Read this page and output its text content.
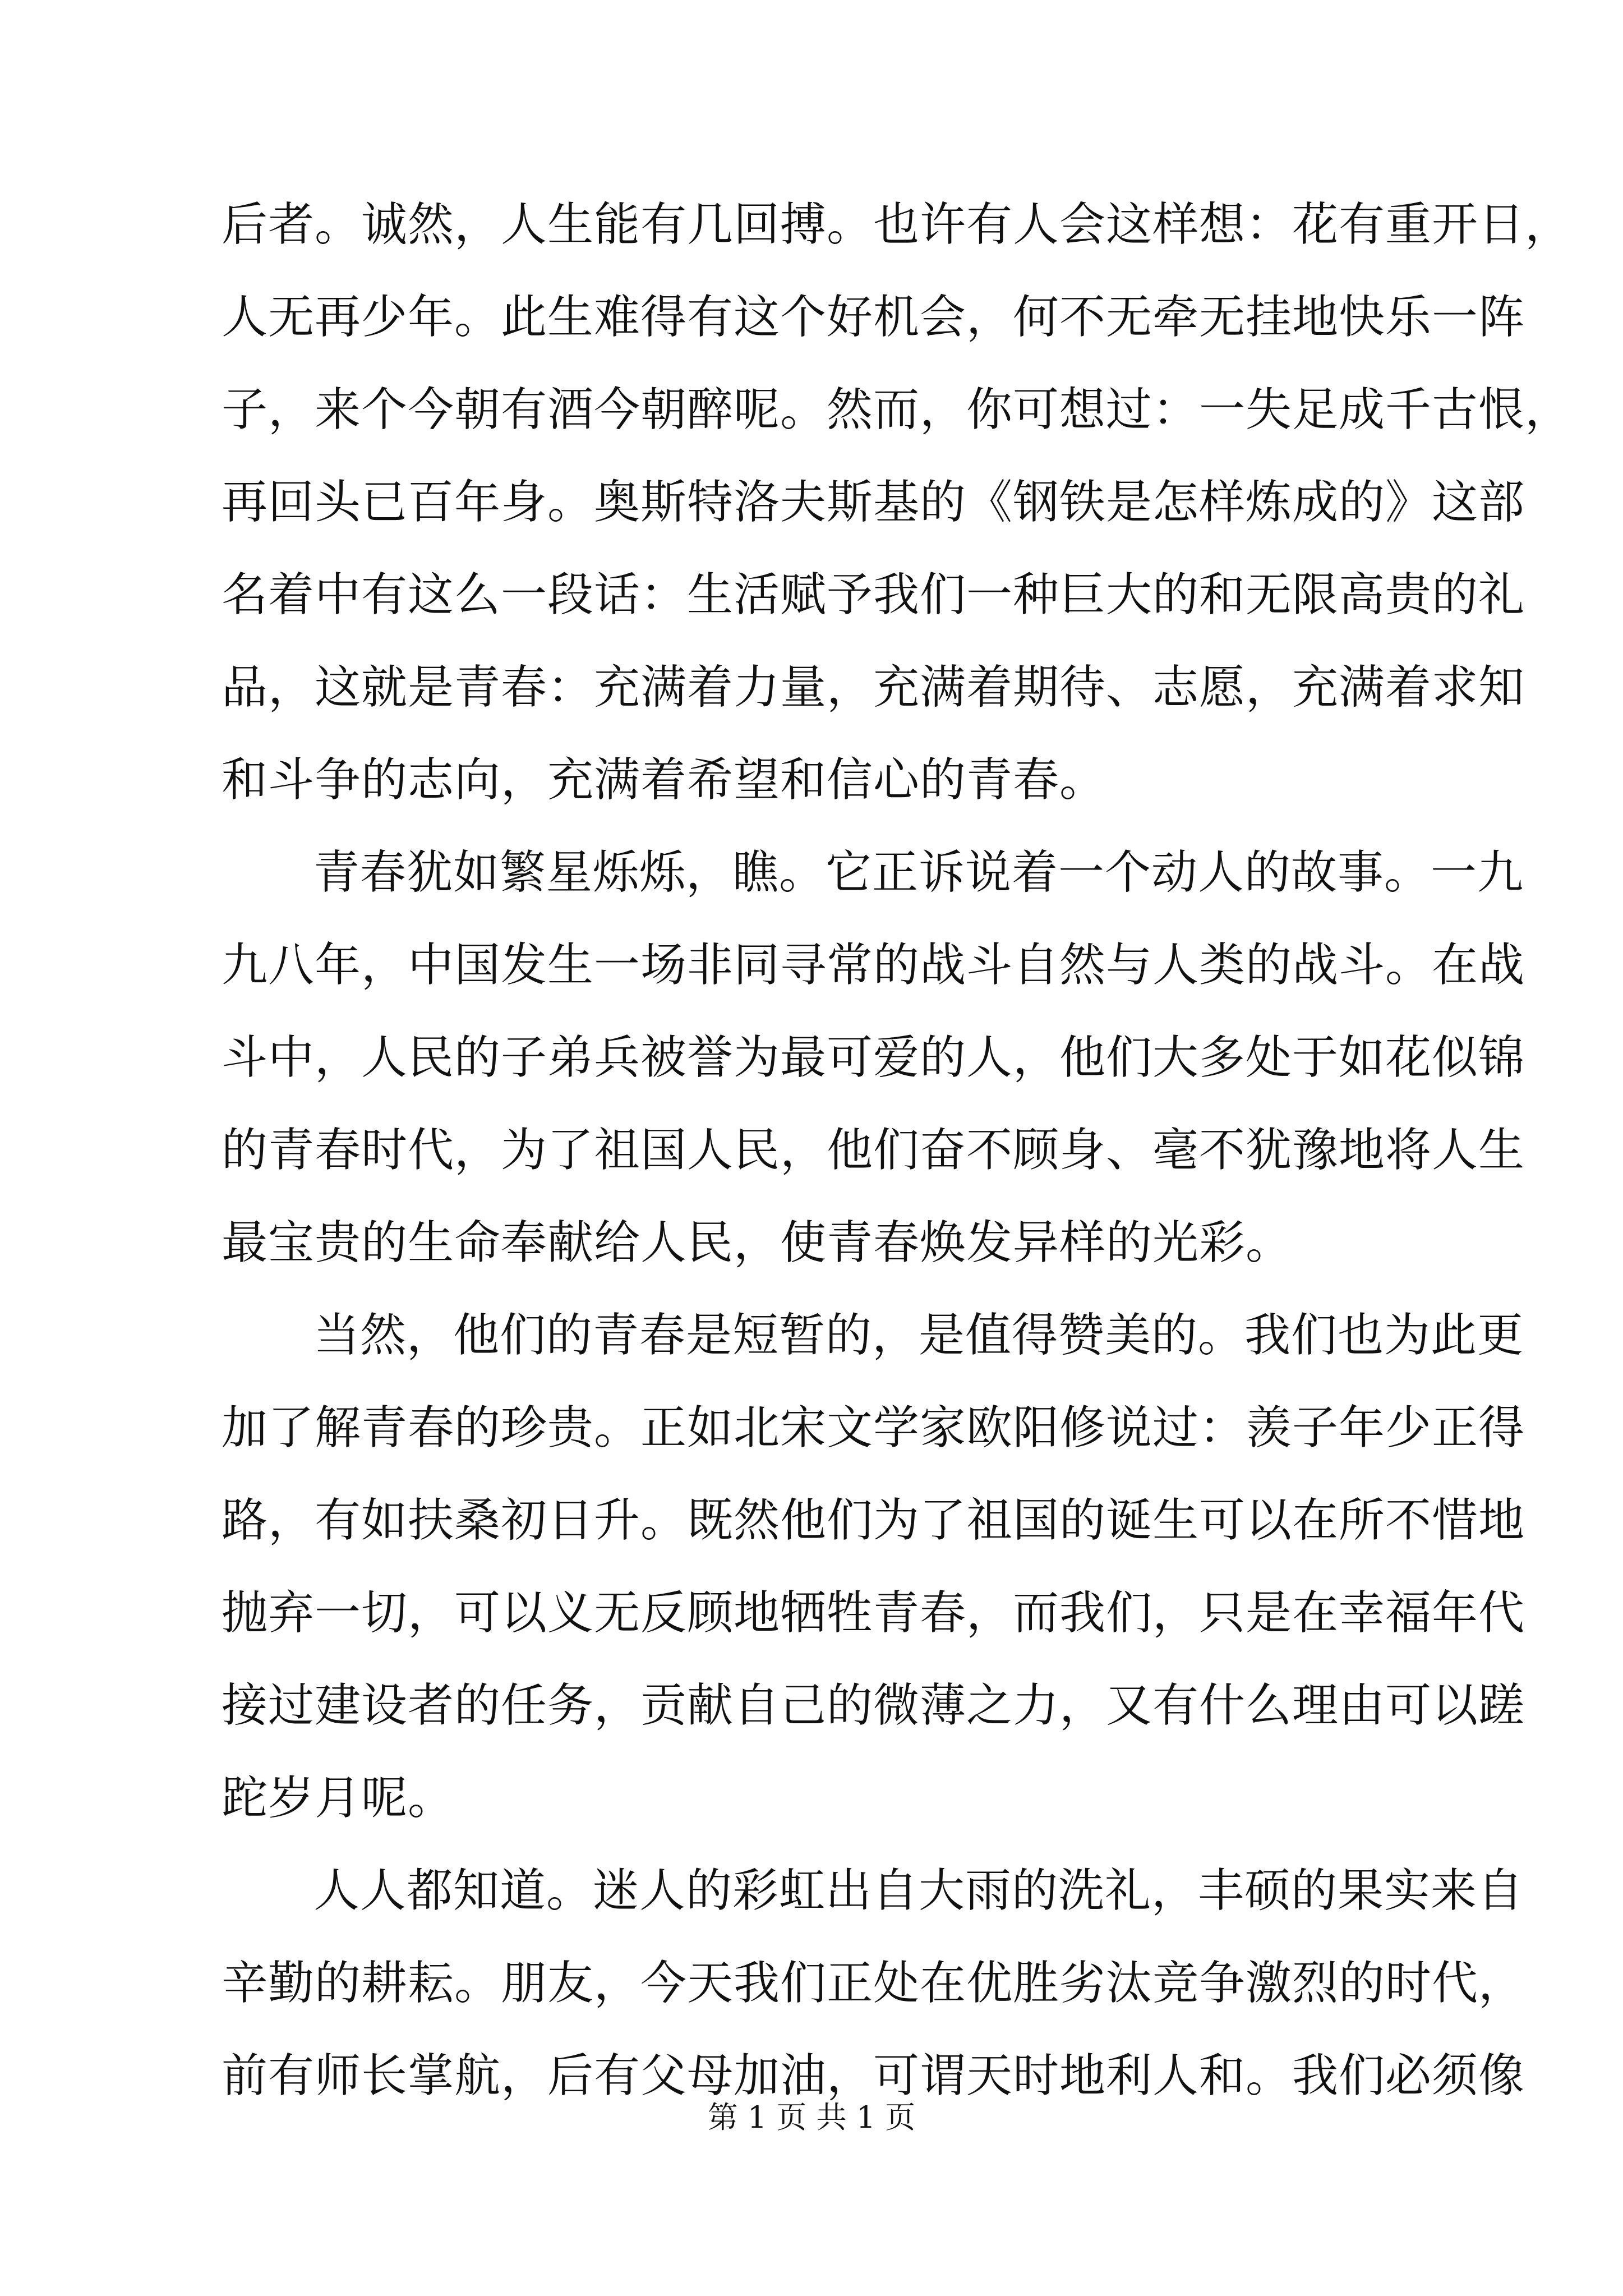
后者。诚然，人生能有几回搏。也许有人会这样想：花有重开日，
人无再少年。此生难得有这个好机会，何不无牵无挂地快乐一阵
子，来个今朝有酒今朝醉呢。然而，你可想过：一失足成千古恨，
再回头已百年身。奥斯特洛夫斯基的《钢铁是怎样炼成的》这部
名着中有这么一段话：生活赋予我们一种巨大的和无限高贵的礼
品，这就是青春：充满着力量，充满着期待、志愿，充满着求知
和斗争的志向，充满着希望和信心的青春。
青春犹如繁星烁烁，瞧。它正诉说着一个动人的故事。一九
九八年，中国发生一场非同寻常的战斗自然与人类的战斗。在战
斗中，人民的子弟兵被誉为最可爱的人，他们大多处于如花似锦
的青春时代，为了祖国人民，他们奋不顾身、毫不犹豫地将人生
最宝贵的生命奉献给人民，使青春焕发异样的光彩。
当然，他们的青春是短暂的，是值得赞美的。我们也为此更
加了解青春的珍贵。正如北宋文学家欧阳修说过：羡子年少正得
路，有如扶桑初日升。既然他们为了祖国的诞生可以在所不惜地
抛弃一切，可以义无反顾地牺牲青春，而我们，只是在幸福年代
接过建设者的任务，贡献自己的微薄之力，又有什么理由可以蹉
跎岁月呢。
人人都知道。迷人的彩虹出自大雨的洗礼，丰硕的果实来自
辛勤的耕耘。朋友，今天我们正处在优胜劣汰竞争激烈的时代，
前有师长掌航，后有父母加油，可谓天时地利人和。我们必须像
第 1 页 共 1 页
